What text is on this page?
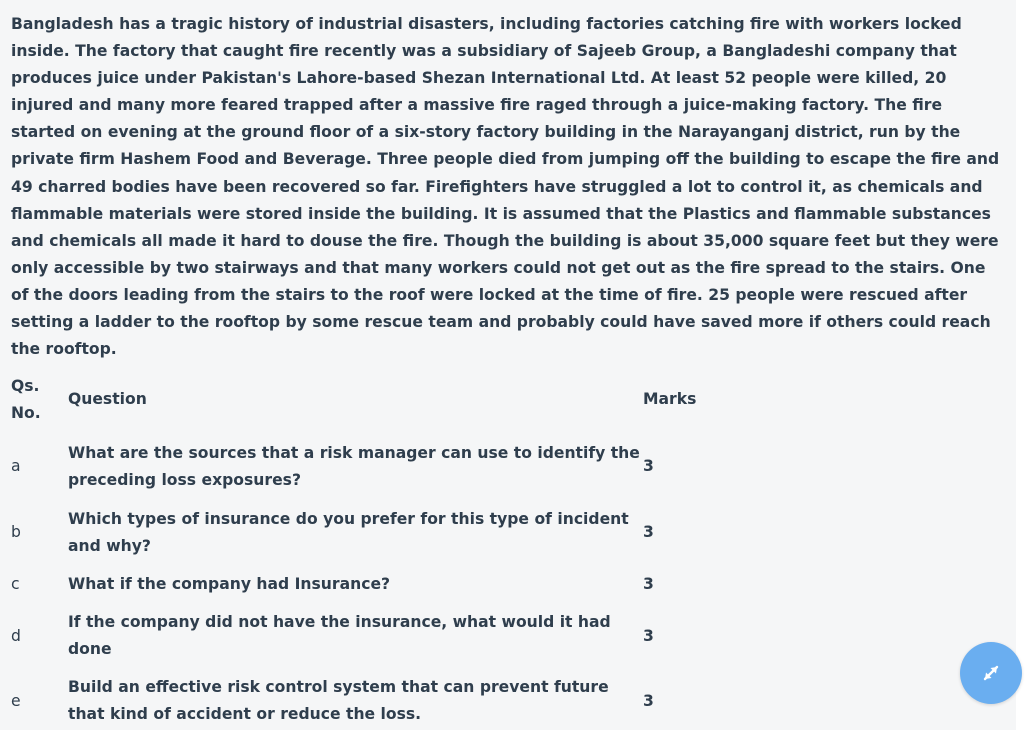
Bangladesh has a tragic history of industrial disasters, including factories catching fire with workers locked inside. The factory that caught fire recently was a subsidiary of Sajeeb Group, a Bangladeshi company that produces juice under Pakistan's Lahore-based Shezan International Ltd. At least 52 people were killed, 20 injured and many more feared trapped after a massive fire raged through a juice-making factory. The fire started on evening at the ground floor of a six-story factory building in the Narayanganj district, run by the private firm Hashem Food and Beverage. Three people died from jumping off the building to escape the fire and 49 charred bodies have been recovered so far. Firefighters have struggled a lot to control it, as chemicals and flammable materials were stored inside the building. It is assumed that the Plastics and flammable substances and chemicals all made it hard to douse the fire. Though the building is about 35,000 square feet but they were only accessible by two stairways and that many workers could not get out as the fire spread to the stairs. One of the doors leading from the stairs to the roof were locked at the time of fire. 25 people were rescued after setting a ladder to the rooftop by some rescue team and probably could have saved more if others could reach the rooftop.

Qs. No.	Question	Marks
a	What are the sources that a risk manager can use to identify the preceding loss exposures?	3
b	Which types of insurance do you prefer for this type of incident and why?	3
c	What if the company had Insurance?	3
d	If the company did not have the insurance, what would it had done	3
e	Build an effective risk control system that can prevent future that kind of accident or reduce the loss.	3
